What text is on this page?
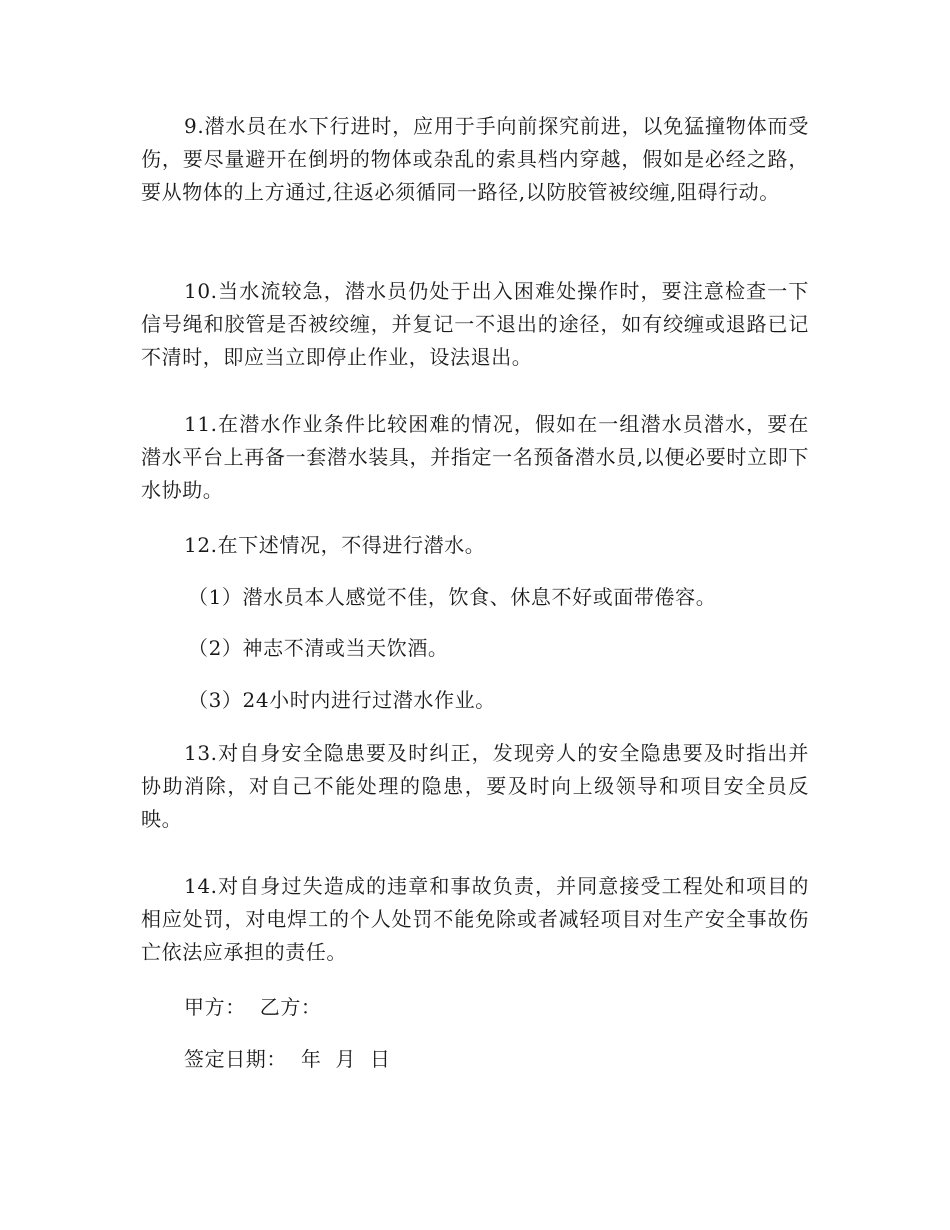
9.潜水员在水下行进时，应用于手向前探究前进，以免猛撞物体而受伤，要尽量避开在倒坍的物体或杂乱的索具档内穿越，假如是必经之路，要从物体的上方通过,往返必须循同一路径,以防胶管被绞缠,阻碍行动。

10.当水流较急，潜水员仍处于出入困难处操作时，要注意检查一下信号绳和胶管是否被绞缠，并复记一不退出的途径，如有绞缠或退路已记不清时，即应当立即停止作业，设法退出。

11.在潜水作业条件比较困难的情况，假如在一组潜水员潜水，要在潜水平台上再备一套潜水装具，并指定一名预备潜水员,以便必要时立即下水协助。

12.在下述情况，不得进行潜水。

（1）潜水员本人感觉不佳，饮食、休息不好或面带倦容。

（2）神志不清或当天饮酒。

（3）24小时内进行过潜水作业。

13.对自身安全隐患要及时纠正，发现旁人的安全隐患要及时指出并协助消除，对自己不能处理的隐患，要及时向上级领导和项目安全员反映。

14.对自身过失造成的违章和事故负责，并同意接受工程处和项目的相应处罚，对电焊工的个人处罚不能免除或者减轻项目对生产安全事故伤亡依法应承担的责任。

甲方：  乙方：

签定日期：  年  月  日
